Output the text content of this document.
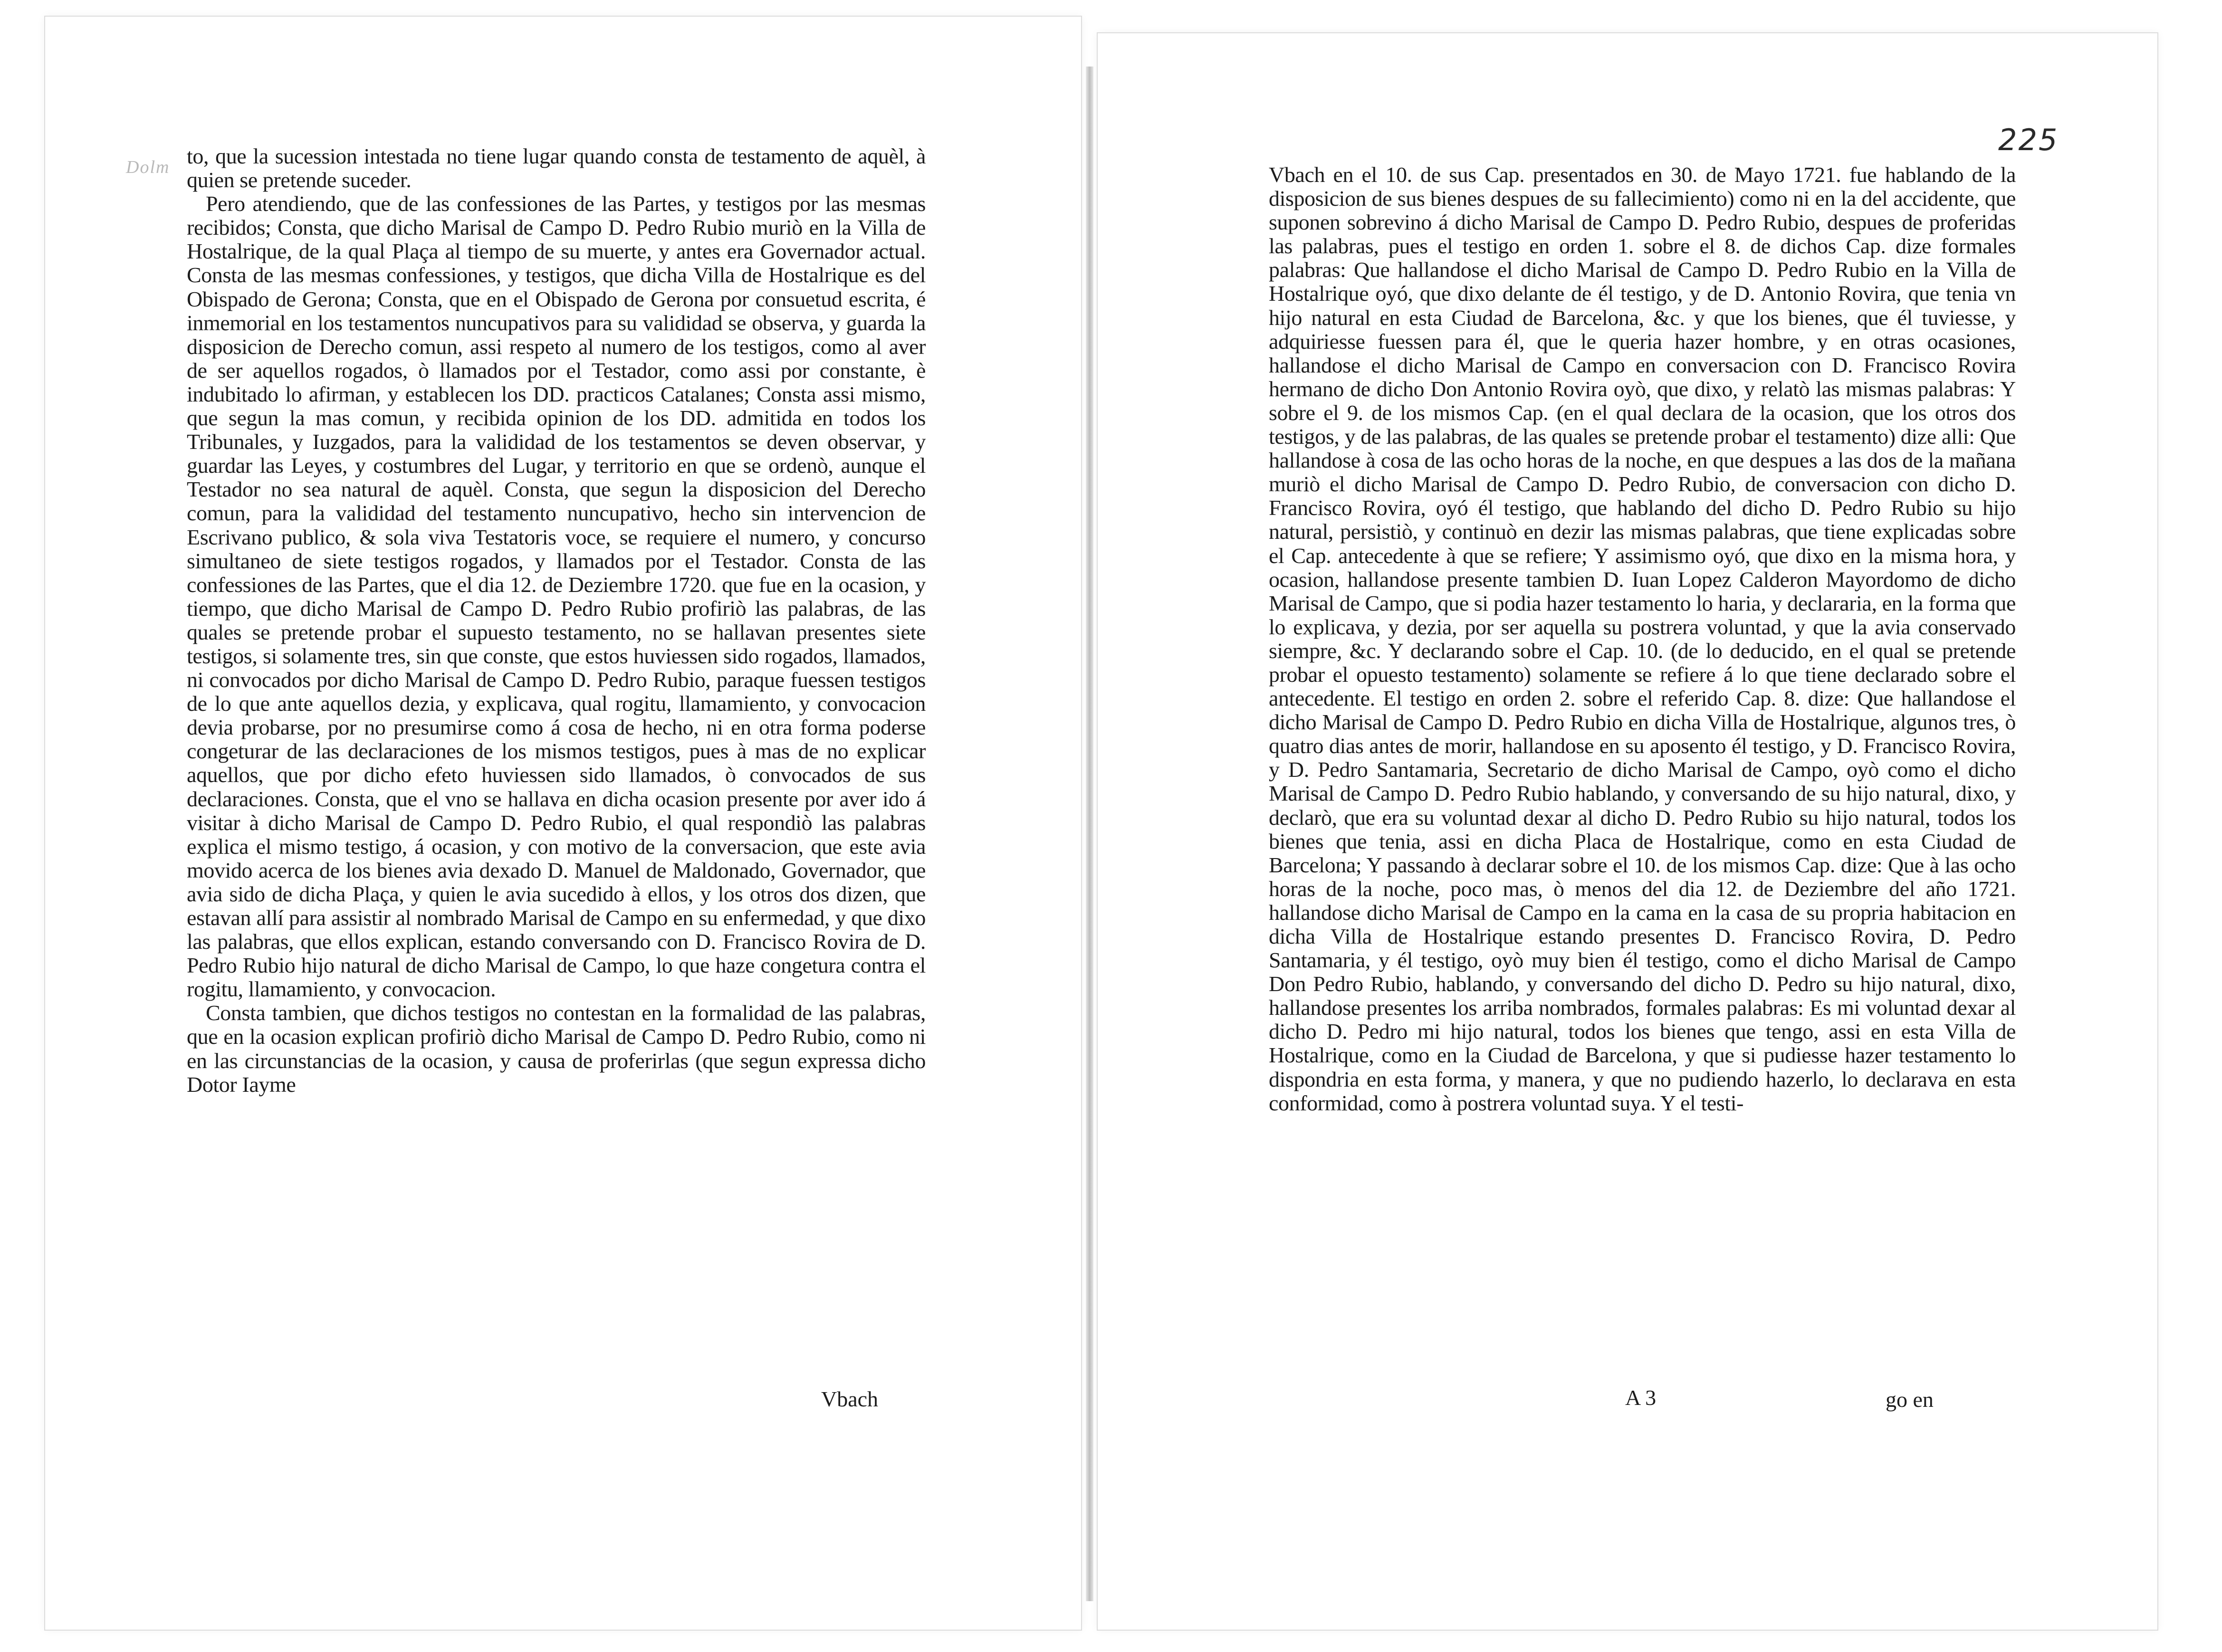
Dolm to, que la sucession intestada no tiene lugar quando consta de testamento de aquèl, à quien se pretende suceder.

Pero atendiendo, que de las confessiones de las Partes, y testigos por las mesmas recibidos; Consta, que dicho Marisal de Campo D. Pedro Rubio muriò en la Villa de Hostalrique, de la qual Plaça al tiempo de su muerte, y antes era Governador actual. Consta de las mesmas confessiones, y testigos, que dicha Villa de Hostalrique es del Obispado de Gerona; Consta, que en el Obispado de Gerona por consuetud escrita, é inmemorial en los testamentos nuncupativos para su valididad se observa, y guarda la disposicion de Derecho comun, assi respeto al numero de los testigos, como al aver de ser aquellos rogados, ò llamados por el Testador, como assi por constante, è indubitado lo afirman, y establecen los DD. practicos Catalanes; Consta assi mismo, que segun la mas comun, y recibida opinion de los DD. admitida en todos los Tribunales, y Iuzgados, para la valididad de los testamentos se deven observar, y guardar las Leyes, y costumbres del Lugar, y territorio en que se ordenò, aunque el Testador no sea natural de aquèl. Consta, que segun la disposicion del Derecho comun, para la valididad del testamento nuncupativo, hecho sin intervencion de Escrivano publico, & sola viva Testatoris voce, se requiere el numero, y concurso simultaneo de siete testigos rogados, y llamados por el Testador. Consta de las confessiones de las Partes, que el dia 12. de Deziembre 1720. que fue en la ocasion, y tiempo, que dicho Marisal de Campo D. Pedro Rubio profiriò las palabras, de las quales se pretende probar el supuesto testamento, no se hallavan presentes siete testigos, si solamente tres, sin que conste, que estos huviessen sido rogados, llamados, ni convocados por dicho Marisal de Campo D. Pedro Rubio, paraque fuessen testigos de lo que ante aquellos dezia, y explicava, qual rogitu, llamamiento, y convocacion devia probarse, por no presumirse como á cosa de hecho, ni en otra forma poderse congeturar de las declaraciones de los mismos testigos, pues à mas de no explicar aquellos, que por dicho efeto huviessen sido llamados, ò convocados de sus declaraciones. Consta, que el vno se hallava en dicha ocasion presente por aver ido á visitar à dicho Marisal de Campo D. Pedro Rubio, el qual respondiò las palabras explica el mismo testigo, á ocasion, y con motivo de la conversacion, que este avia movido acerca de los bienes avia dexado D. Manuel de Maldonado, Governador, que avia sido de dicha Plaça, y quien le avia sucedido à ellos, y los otros dos dizen, que estavan allí para assistir al nombrado Marisal de Campo en su enfermedad, y que dixo las palabras, que ellos explican, estando conversando con D. Francisco Rovira de D. Pedro Rubio hijo natural de dicho Marisal de Campo, lo que haze congetura contra el rogitu, llamamiento, y convocacion.

Consta tambien, que dichos testigos no contestan en la formalidad de las palabras, que en la ocasion explican profiriò dicho Marisal de Campo D. Pedro Rubio, como ni en las circunstancias de la ocasion, y causa de proferirlas (que segun expressa dicho Dotor Iayme

Vbach
225

Vbach en el 10. de sus Cap. presentados en 30. de Mayo 1721. fue hablando de la disposicion de sus bienes despues de su fallecimiento) como ni en la del accidente, que suponen sobrevino á dicho Marisal de Campo D. Pedro Rubio, despues de proferidas las palabras, pues el testigo en orden 1. sobre el 8. de dichos Cap. dize formales palabras: Que hallandose el dicho Marisal de Campo D. Pedro Rubio en la Villa de Hostalrique oyó, que dixo delante de él testigo, y de D. Antonio Rovira, que tenia vn hijo natural en esta Ciudad de Barcelona, &c. y que los bienes, que él tuviesse, y adquiriesse fuessen para él, que le queria hazer hombre, y en otras ocasiones, hallandose el dicho Marisal de Campo en conversacion con D. Francisco Rovira hermano de dicho Don Antonio Rovira oyò, que dixo, y relatò las mismas palabras: Y sobre el 9. de los mismos Cap. (en el qual declara de la ocasion, que los otros dos testigos, y de las palabras, de las quales se pretende probar el testamento) dize alli: Que hallandose à cosa de las ocho horas de la noche, en que despues a las dos de la mañana muriò el dicho Marisal de Campo D. Pedro Rubio, de conversacion con dicho D. Francisco Rovira, oyó él testigo, que hablando del dicho D. Pedro Rubio su hijo natural, persistiò, y continuò en dezir las mismas palabras, que tiene explicadas sobre el Cap. antecedente à que se refiere; Y assimismo oyó, que dixo en la misma hora, y ocasion, hallandose presente tambien D. Iuan Lopez Calderon Mayordomo de dicho Marisal de Campo, que si podia hazer testamento lo haria, y declararia, en la forma que lo explicava, y dezia, por ser aquella su postrera voluntad, y que la avia conservado siempre, &c. Y declarando sobre el Cap. 10. (de lo deducido, en el qual se pretende probar el opuesto testamento) solamente se refiere á lo que tiene declarado sobre el antecedente. El testigo en orden 2. sobre el referido Cap. 8. dize: Que hallandose el dicho Marisal de Campo D. Pedro Rubio en dicha Villa de Hostalrique, algunos tres, ò quatro dias antes de morir, hallandose en su aposento él testigo, y D. Francisco Rovira, y D. Pedro Santamaria, Secretario de dicho Marisal de Campo, oyò como el dicho Marisal de Campo D. Pedro Rubio hablando, y conversando de su hijo natural, dixo, y declarò, que era su voluntad dexar al dicho D. Pedro Rubio su hijo natural, todos los bienes que tenia, assi en dicha Placa de Hostalrique, como en esta Ciudad de Barcelona; Y passando à declarar sobre el 10. de los mismos Cap. dize: Que à las ocho horas de la noche, poco mas, ò menos del dia 12. de Deziembre del año 1721. hallandose dicho Marisal de Campo en la cama en la casa de su propria habitacion en dicha Villa de Hostalrique estando presentes D. Francisco Rovira, D. Pedro Santamaria, y él testigo, oyò muy bien él testigo, como el dicho Marisal de Campo Don Pedro Rubio, hablando, y conversando del dicho D. Pedro su hijo natural, dixo, hallandose presentes los arriba nombrados, formales palabras: Es mi voluntad dexar al dicho D. Pedro mi hijo natural, todos los bienes que tengo, assi en esta Villa de Hostalrique, como en la Ciudad de Barcelona, y que si pudiesse hazer testamento lo dispondria en esta forma, y manera, y que no pudiendo hazerlo, lo declarava en esta conformidad, como à postrera voluntad suya. Y el testi-

A 3	go en
